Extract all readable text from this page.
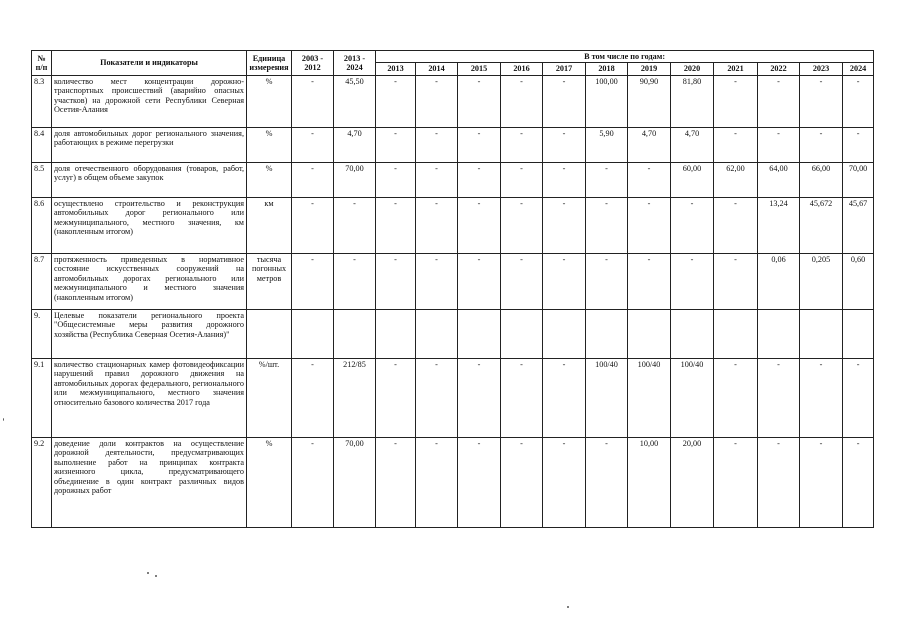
№ п/п	Показатели и индикаторы	Единица измерения	2003 - 2012	2013 - 2024	В том числе по годам:											
					2013	2014	2015	2016	2017	2018	2019	2020	2021	2022	2023	2024
8.3	количество мест концентрации дорожно-транспортных происшествий (аварийно опасных участков) на дорожной сети Республики Северная Осетия-Алания	%	-	45,50	-	-	-	-	-	100,00	90,90	81,80	-	-	-	-
8.4	доля автомобильных дорог регионального значения, работающих в режиме перегрузки	%	-	4,70	-	-	-	-	-	5,90	4,70	4,70	-	-	-	-
8.5	доля отечественного оборудования (товаров, работ, услуг) в общем объеме закупок	%	-	70,00	-	-	-	-	-	-	-	60,00	62,00	64,00	66,00	70,00
8.6	осуществлено строительство и реконструкция автомобильных дорог регионального или межмуниципального, местного значения, км (накопленным итогом)	км	-	-	-	-	-	-	-	-	-	-	-	13,24	45,672	45,67
8.7	протяженность приведенных в нормативное состояние искусственных сооружений на автомобильных дорогах регионального или межмуниципального и местного значения (накопленным итогом)	тысяча погонных метров	-	-	-	-	-	-	-	-	-	-	-	0,06	0,205	0,60
9.	Целевые показатели регионального проекта "Общесистемные меры развития дорожного хозяйства (Республика Северная Осетия-Алания)"															
9.1	количество стационарных камер фотовидеофиксации нарушений правил дорожного движения на автомобильных дорогах федерального, регионального или межмуниципального, местного значения относительно базового количества 2017 года	%/шт.	-	212/85	-	-	-	-	-	100/40	100/40	100/40	-	-	-	-
9.2	доведение доли контрактов на осуществление дорожной деятельности, предусматривающих выполнение работ на принципах контракта жизненного цикла, предусматривающего объединение в один контракт различных видов дорожных работ	%	-	70,00	-	-	-	-	-	-	10,00	20,00	-	-	-	-
